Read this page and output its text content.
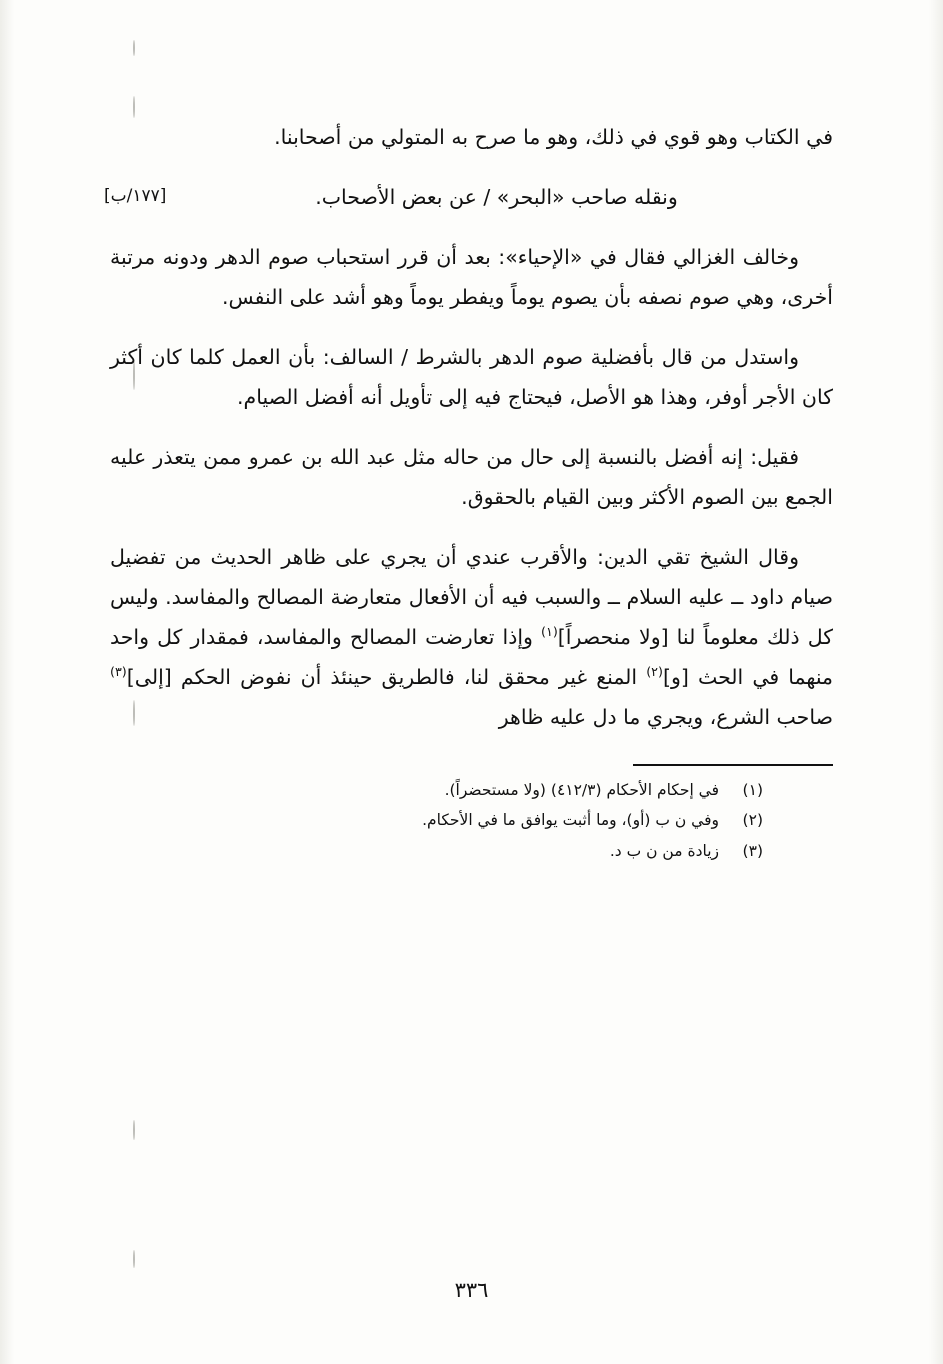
في الكتاب وهو قوي في ذلك، وهو ما صرح به المتولي من أصحابنا.

[١٧٧/ب]	ونقله صاحب «البحر» / عن بعض الأصحاب.

وخالف الغزالي فقال في «الإحياء»: بعد أن قرر استحباب صوم الدهر ودونه مرتبة أخرى، وهي صوم نصفه بأن يصوم يوماً ويفطر يوماً وهو أشد على النفس.

واستدل من قال بأفضلية صوم الدهر بالشرط / السالف: بأن العمل كلما كان أكثر كان الأجر أوفر، وهذا هو الأصل، فيحتاج فيه إلى تأويل أنه أفضل الصيام.

فقيل: إنه أفضل بالنسبة إلى حال من حاله مثل عبد الله بن عمرو ممن يتعذر عليه الجمع بين الصوم الأكثر وبين القيام بالحقوق.

وقال الشيخ تقي الدين: والأقرب عندي أن يجري على ظاهر الحديث من تفضيل صيام داود ــ عليه السلام ــ والسبب فيه أن الأفعال متعارضة المصالح والمفاسد. وليس كل ذلك معلوماً لنا [ولا منحصراً]$^{(١)}$ وإذا تعارضت المصالح والمفاسد، فمقدار كل واحد منهما في الحث [و]$^{(٢)}$ المنع غير محقق لنا، فالطريق حينئذ أن نفوض الحكم [إلى]$^{(٣)}$ صاحب الشرع، ويجري ما دل عليه ظاهر

(١)
في إحكام الأحكام (٤١٢/٣) (ولا مستحضراً).
(٢)
وفي ن ب (أو)، وما أثبت يوافق ما في الأحكام.
(٣)
زيادة من ن ب د.
٣٣٦
